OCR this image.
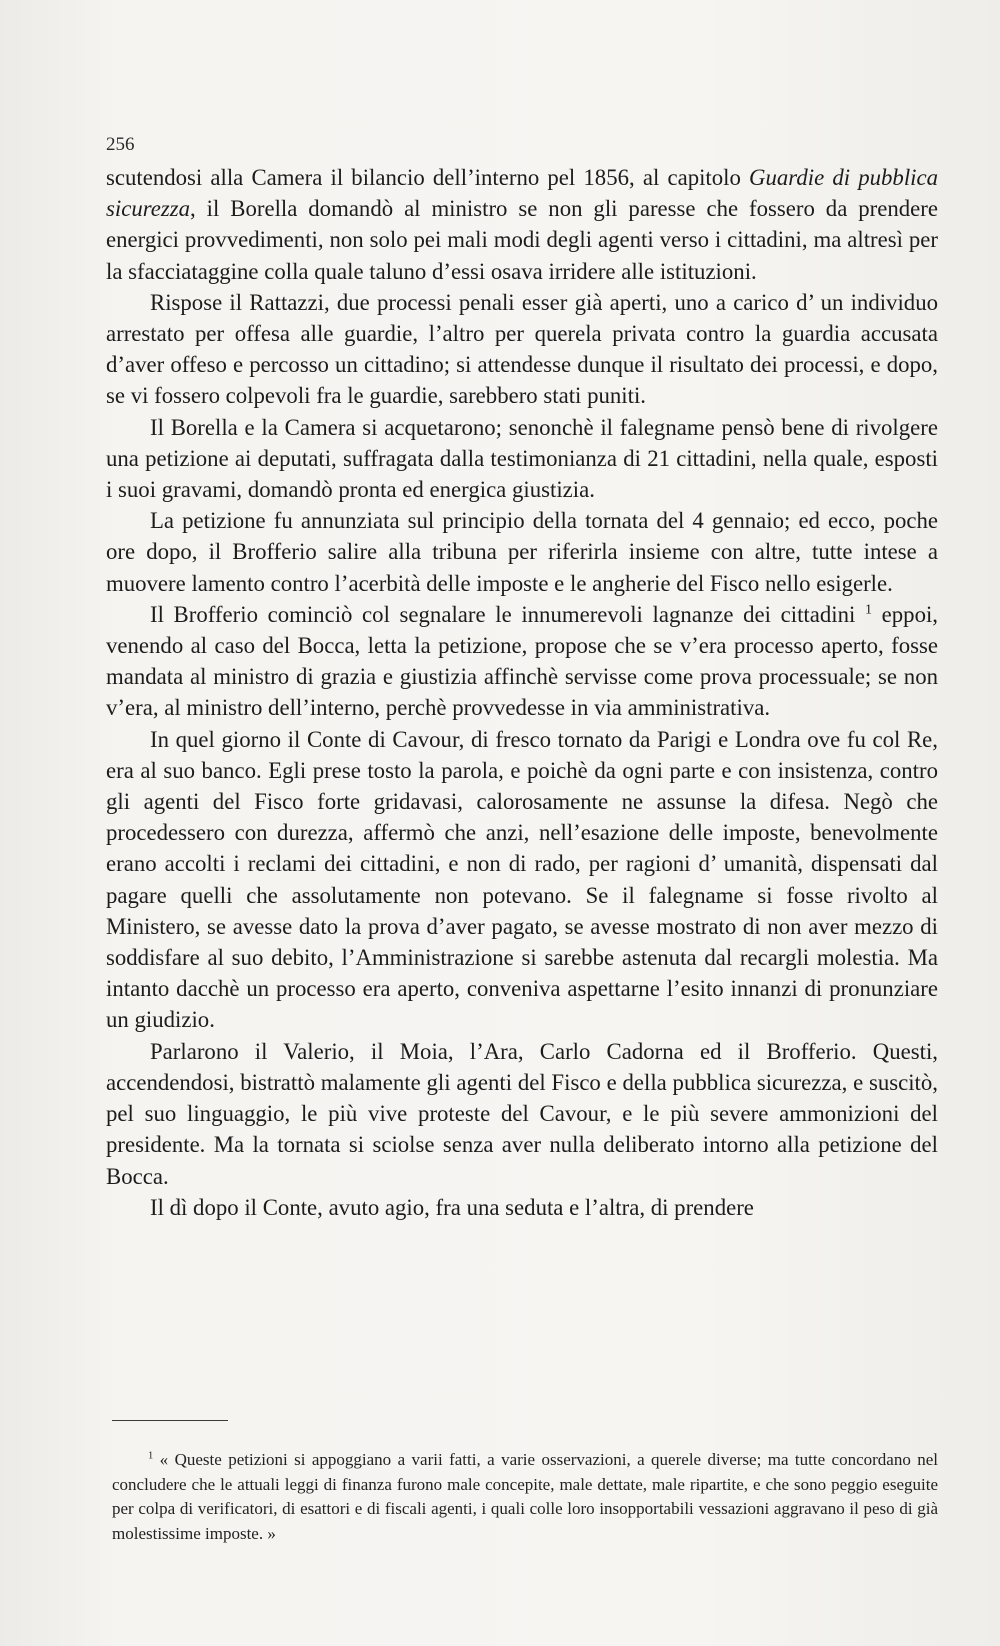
256

scutendosi alla Camera il bilancio dell’interno pel 1856, al capitolo Guardie di pubblica sicurezza, il Borella domandò al ministro se non gli paresse che fossero da prendere energici provvedimenti, non solo pei mali modi degli agenti verso i cittadini, ma altresì per la sfacciataggine colla quale taluno d’essi osava irridere alle istituzioni.

Rispose il Rattazzi, due processi penali esser già aperti, uno a carico d’ un individuo arrestato per offesa alle guardie, l’altro per querela privata contro la guardia accusata d’aver offeso e percosso un cittadino; si attendesse dunque il risultato dei processi, e dopo, se vi fossero colpevoli fra le guardie, sarebbero stati puniti.

Il Borella e la Camera si acquetarono; senonchè il falegname pensò bene di rivolgere una petizione ai deputati, suffragata dalla testimonianza di 21 cittadini, nella quale, esposti i suoi gravami, domandò pronta ed energica giustizia.

La petizione fu annunziata sul principio della tornata del 4 gennaio; ed ecco, poche ore dopo, il Brofferio salire alla tribuna per riferirla insieme con altre, tutte intese a muovere lamento contro l’acerbità delle imposte e le angherie del Fisco nello esigerle.

Il Brofferio cominciò col segnalare le innumerevoli lagnanze dei cittadini $^1$ eppoi, venendo al caso del Bocca, letta la petizione, propose che se v’era processo aperto, fosse mandata al ministro di grazia e giustizia affinchè servisse come prova processuale; se non v’era, al ministro dell’interno, perchè provvedesse in via amministrativa.

In quel giorno il Conte di Cavour, di fresco tornato da Parigi e Londra ove fu col Re, era al suo banco. Egli prese tosto la parola, e poichè da ogni parte e con insistenza, contro gli agenti del Fisco forte gridavasi, calorosamente ne assunse la difesa. Negò che procedessero con durezza, affermò che anzi, nell’esazione delle imposte, benevolmente erano accolti i reclami dei cittadini, e non di rado, per ragioni d’ umanità, dispensati dal pagare quelli che assolutamente non potevano. Se il falegname si fosse rivolto al Ministero, se avesse dato la prova d’aver pagato, se avesse mostrato di non aver mezzo di soddisfare al suo debito, l’Amministrazione si sarebbe astenuta dal recargli molestia. Ma intanto dacchè un processo era aperto, conveniva aspettarne l’esito innanzi di pronunziare un giudizio.

Parlarono il Valerio, il Moia, l’Ara, Carlo Cadorna ed il Brofferio. Questi, accendendosi, bistrattò malamente gli agenti del Fisco e della pubblica sicurezza, e suscitò, pel suo linguaggio, le più vive proteste del Cavour, e le più severe ammonizioni del presidente. Ma la tornata si sciolse senza aver nulla deliberato intorno alla petizione del Bocca.

Il dì dopo il Conte, avuto agio, fra una seduta e l’altra, di prendere

$^1$ « Queste petizioni si appoggiano a varii fatti, a varie osservazioni, a querele diverse; ma tutte concordano nel concludere che le attuali leggi di finanza furono male concepite, male dettate, male ripartite, e che sono peggio eseguite per colpa di verificatori, di esattori e di fiscali agenti, i quali colle loro insopportabili vessazioni aggravano il peso di già molestissime imposte. »
